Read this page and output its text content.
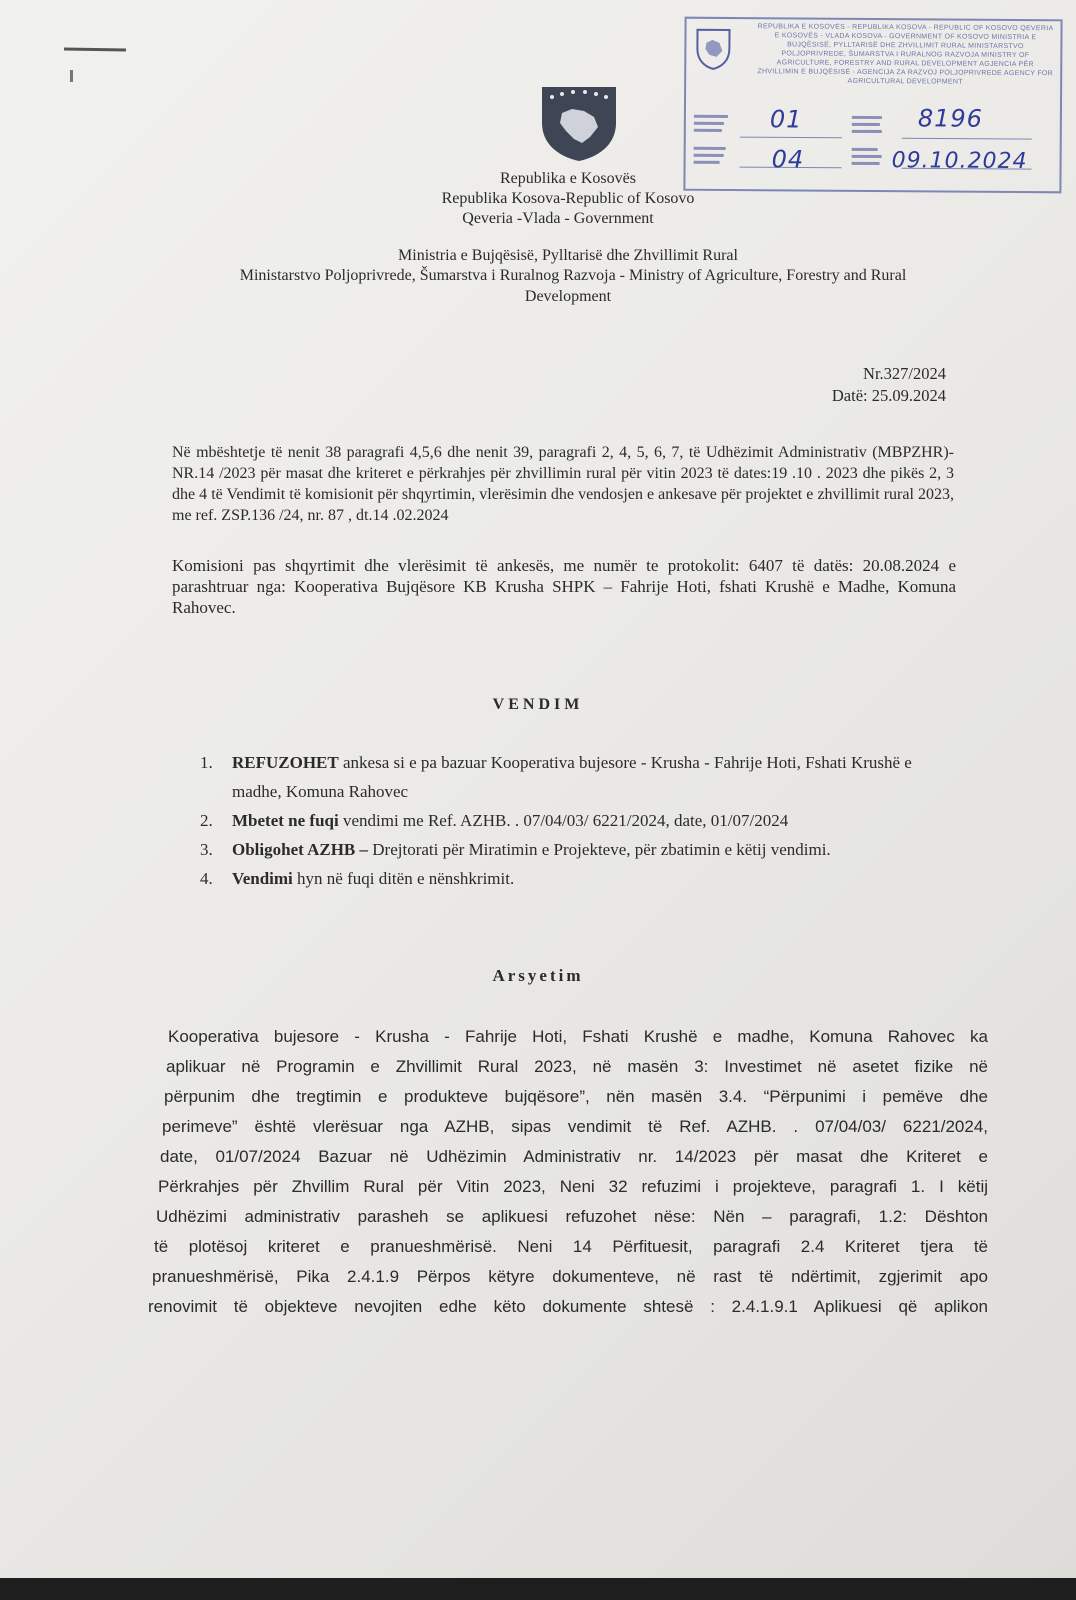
Republika e Kosovës
Republika Kosova-Republic of Kosovo
Qeveria -Vlada - Government
Ministria e Bujqësisë, Pylltarisë dhe Zhvillimit Rural
Ministarstvo Poljoprivrede, Šumarstva i Ruralnog Razvoja - Ministry of Agriculture, Forestry and Rural
Development
REPUBLIKA E KOSOVËS - REPUBLIKA KOSOVA - REPUBLIC OF KOSOVO QEVERIA E KOSOVËS - VLADA KOSOVA - GOVERNMENT OF KOSOVO MINISTRIA E BUJQËSISË, PYLLTARISË DHE ZHVILLIMIT RURAL MINISTARSTVO POLJOPRIVREDE, ŠUMARSTVA I RURALNOG RAZVOJA MINISTRY OF AGRICULTURE, FORESTRY AND RURAL DEVELOPMENT AGJENCIA PËR ZHVILLIMIN E BUJQËSISË - AGENCIJA ZA RAZVOJ POLJOPRIVREDE AGENCY FOR AGRICULTURAL DEVELOPMENT
01	8196
04	09.10.2024
Nr.327/2024
Datë: 25.09.2024
Në mbështetje të nenit 38 paragrafi 4,5,6 dhe nenit 39, paragrafi 2, 4, 5, 6, 7, të Udhëzimit Administrativ (MBPZHR)-NR.14 /2023 për masat dhe kriteret e përkrahjes për zhvillimin rural për vitin 2023 të dates:19 .10 . 2023 dhe pikës 2, 3 dhe 4 të Vendimit të komisionit për shqyrtimin, vlerësimin dhe vendosjen e ankesave për projektet e zhvillimit rural 2023, me ref. ZSP.136 /24, nr. 87 , dt.14 .02.2024
Komisioni pas shqyrtimit dhe vlerësimit të ankesës, me numër te protokolit: 6407 të datës: 20.08.2024 e parashtruar nga: Kooperativa Bujqësore KB Krusha SHPK – Fahrije Hoti, fshati Krushë e Madhe, Komuna Rahovec.
VENDIM
1. REFUZOHET ankesa si e pa bazuar Kooperativa bujesore - Krusha - Fahrije Hoti, Fshati Krushë e madhe, Komuna Rahovec
2. Mbetet ne fuqi vendimi me Ref. AZHB. . 07/04/03/ 6221/2024, date, 01/07/2024
3. Obligohet AZHB – Drejtorati për Miratimin e Projekteve, për zbatimin e këtij vendimi.
4. Vendimi hyn në fuqi ditën e nënshkrimit.
Arsyetim
Kooperativa bujesore - Krusha - Fahrije Hoti, Fshati Krushë e madhe, Komuna Rahovec ka
aplikuar në Programin e Zhvillimit Rural 2023, në masën 3: Investimet në asetet fizike në
përpunim dhe tregtimin e produkteve bujqësore”, nën masën 3.4. “Përpunimi i pemëve dhe
perimeve” është vlerësuar nga AZHB, sipas vendimit të Ref. AZHB. . 07/04/03/ 6221/2024,
date, 01/07/2024 Bazuar në Udhëzimin Administrativ nr. 14/2023 për masat dhe Kriteret e
Përkrahjes për Zhvillim Rural për Vitin 2023, Neni 32 refuzimi i projekteve, paragrafi 1. I këtij
Udhëzimi administrativ parasheh se aplikuesi refuzohet nëse: Nën – paragrafi, 1.2: Dështon
të plotësoj kriteret e pranueshmërisë. Neni 14 Përfituesit, paragrafi 2.4 Kriteret tjera të
pranueshmërisë, Pika 2.4.1.9 Përpos këtyre dokumenteve, në rast të ndërtimit, zgjerimit apo
renovimit të objekteve nevojiten edhe këto dokumente shtesë : 2.4.1.9.1 Aplikuesi që aplikon
